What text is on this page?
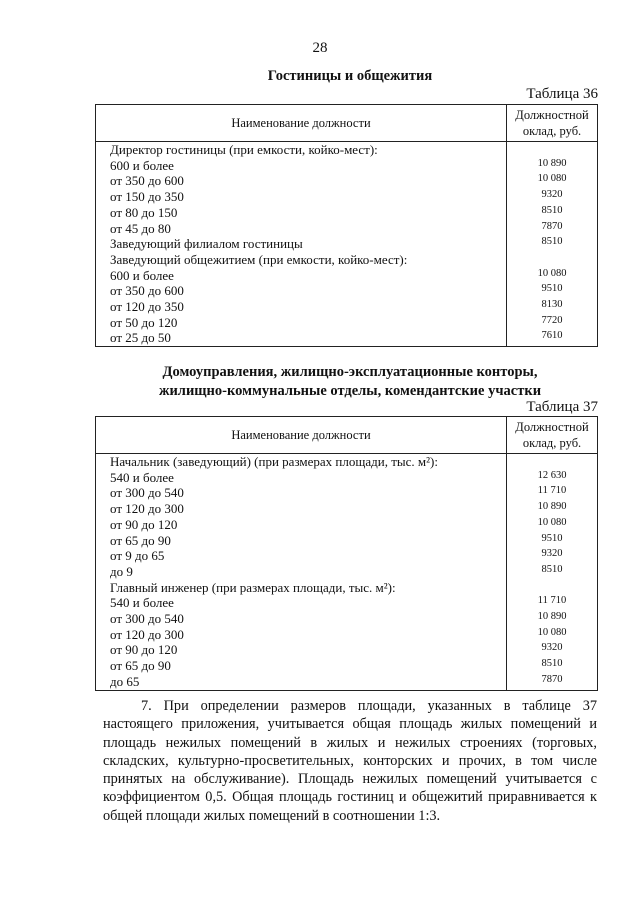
28
Гостиницы и общежития
Таблица 36
Наименование должности	Должностной
оклад, руб.

Директор гостиницы (при емкости, койко-мест):	
600 и более	10 890
от 350 до 600	10 080
от 150 до 350	9320
от 80 до 150	8510
от 45 до 80	7870
Заведующий филиалом гостиницы	8510
Заведующий общежитием (при емкости, койко-мест):	
600 и более	10 080
от 350 до 600	9510
от 120 до 350	8130
от 50 до 120	7720
от 25 до 50	7610
Домоуправления, жилищно-эксплуатационные конторы,
жилищно-коммунальные отделы, комендантские участки
Таблица 37
Наименование должности	Должностной
оклад, руб.

Начальник (заведующий) (при размерах площади, тыс. м²):	
540 и более	12 630
от 300 до 540	11 710
от 120 до 300	10 890
от 90 до 120	10 080
от 65 до 90	9510
от 9 до 65	9320
до 9	8510
Главный инженер (при размерах площади, тыс. м²):	
540 и более	11 710
от 300 до 540	10 890
от 120 до 300	10 080
от 90 до 120	9320
от 65 до 90	8510
до 65	7870
7. При определении размеров площади, указанных в таблице 37 настоящего приложения, учитывается общая площадь жилых помещений и площадь нежилых помещений в жилых и нежилых строениях (торговых, складских, культурно-просветительных, конторских и прочих, в том числе принятых на обслуживание). Площадь нежилых помещений учитывается с коэффициентом 0,5. Общая площадь гостиниц и общежитий приравнивается к общей площади жилых помещений в соотношении 1:3.
